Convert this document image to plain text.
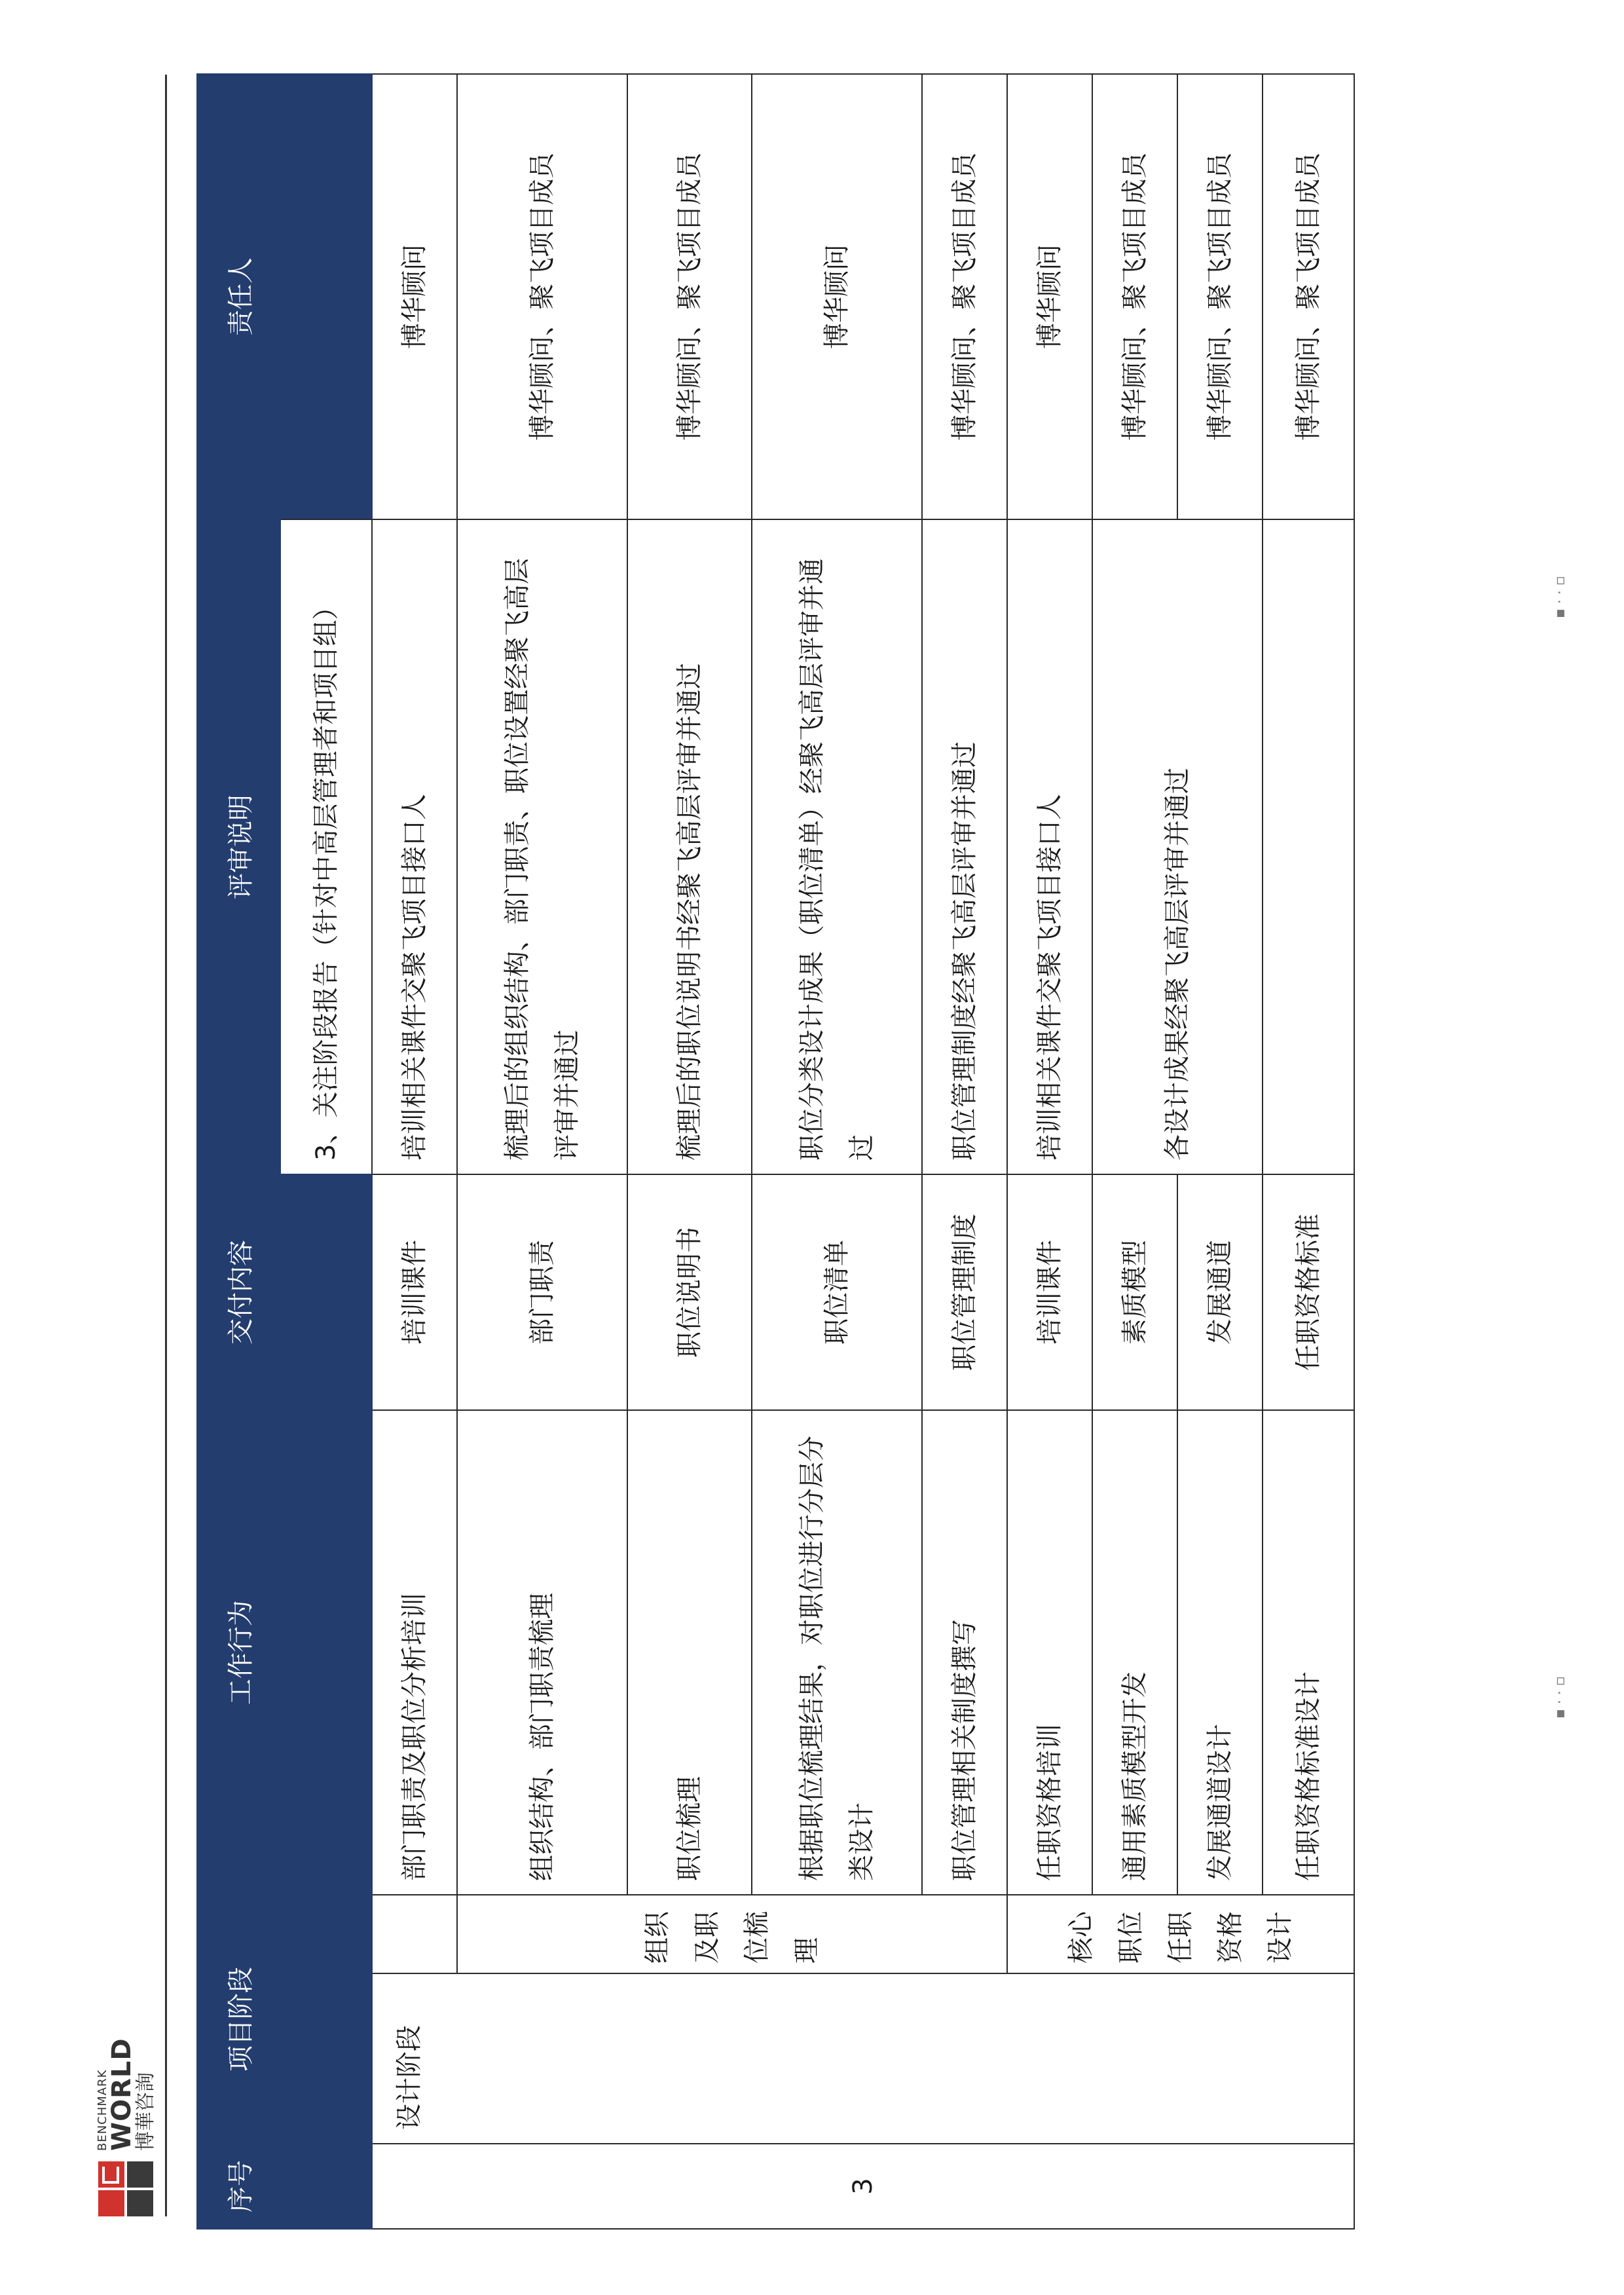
BENCHMARK
WORLD
博華咨詢
序号	项目阶段		工作行为	交付内容	评审说明	责任人
					3、关注阶段报告（针对中高层管理者和项目组）	
3	设计阶段		部门职责及职位分析培训	培训课件	培训相关课件交聚飞项目接口人	博华顾问
		组织及职位梳理	组织结构、部门职责梳理	部门职责	梳理后的组织结构、部门职责、职位设置经聚飞高层评审并通过	博华顾问、聚飞项目成员
			职位梳理	职位说明书	梳理后的职位说明书经聚飞高层评审并通过	博华顾问、聚飞项目成员
			根据职位梳理结果，对职位进行分层分类设计	职位清单	职位分类设计成果（职位清单）经聚飞高层评审并通过	博华顾问
			职位管理相关制度撰写	职位管理制度	职位管理制度经聚飞高层评审并通过	博华顾问、聚飞项目成员
		核心职位任职资格设计	任职资格培训	培训课件	培训相关课件交聚飞项目接口人	博华顾问
			通用素质模型开发	素质模型	各设计成果经聚飞高层评审并通过	博华顾问、聚飞项目成员
			发展通道设计	发展通道		博华顾问、聚飞项目成员
			任职资格标准设计	任职资格标准		博华顾问、聚飞项目成员
▪ · · ▫
▪ · · ▫
